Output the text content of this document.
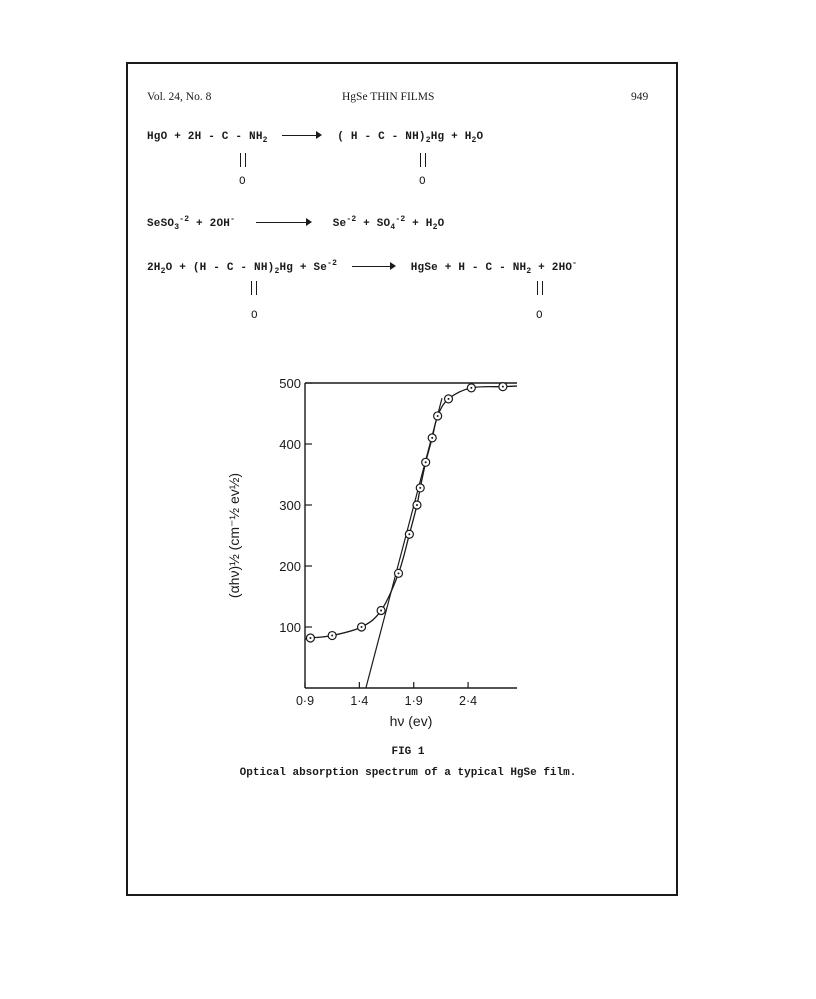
Vol. 24, No. 8	HgSe THIN FILMS	949
HgO + 2H - C - $NH_2$	( $H - C - NH)_2Hg + H_2O$
O	O
SeSO$_3^{-2}$ + 2OH-	$Se^{-2} + SO_4^{-2} + H_2O$
$2H_2O + (H - C - NH)_2Hg + Se^{-2}$	HgSe + $H - C - NH_2 + 2HO^-$
O	O
100
200
300
400
500
0·9	1·4	1·9	2·4
hν (ev)
(αhν)½ (cm⁻½ ev½)
FIG 1
Optical absorption spectrum of a typical HgSe film.
